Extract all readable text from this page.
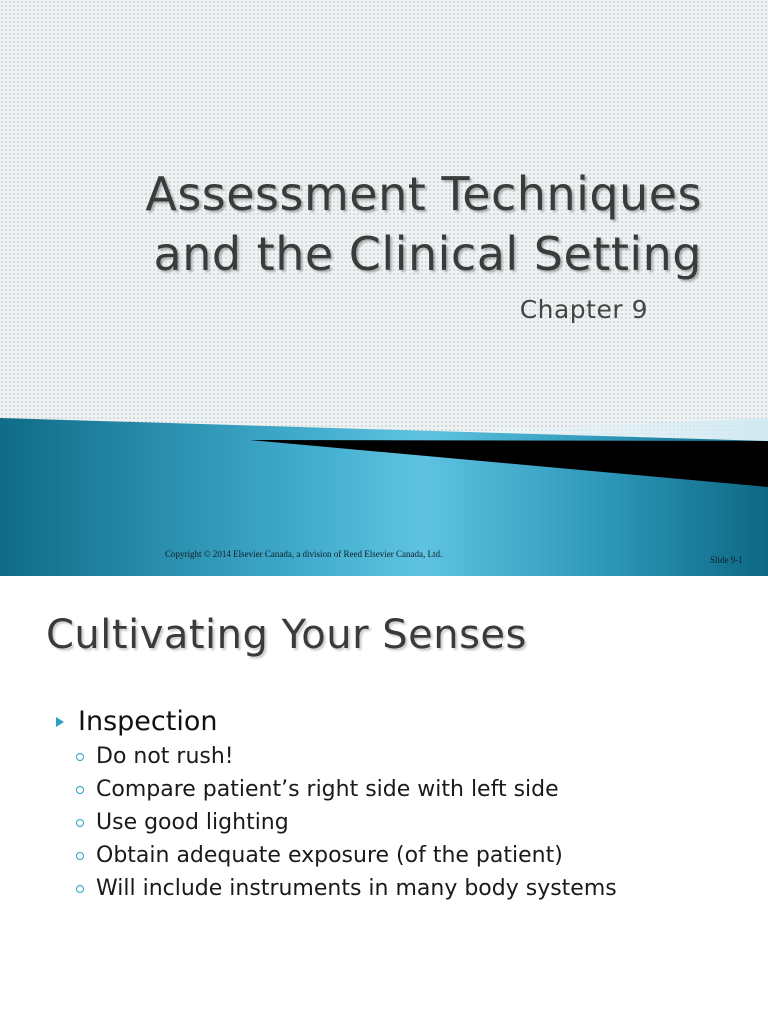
Assessment Techniques
and the Clinical Setting
Chapter 9
Copyright © 2014 Elsevier Canada, a division of Reed Elsevier Canada, Ltd.
Slide 9-1
Cultivating Your Senses
Inspection
Do not rush!
Compare patient’s right side with left side
Use good lighting
Obtain adequate exposure (of the patient)
Will include instruments in many body systems
